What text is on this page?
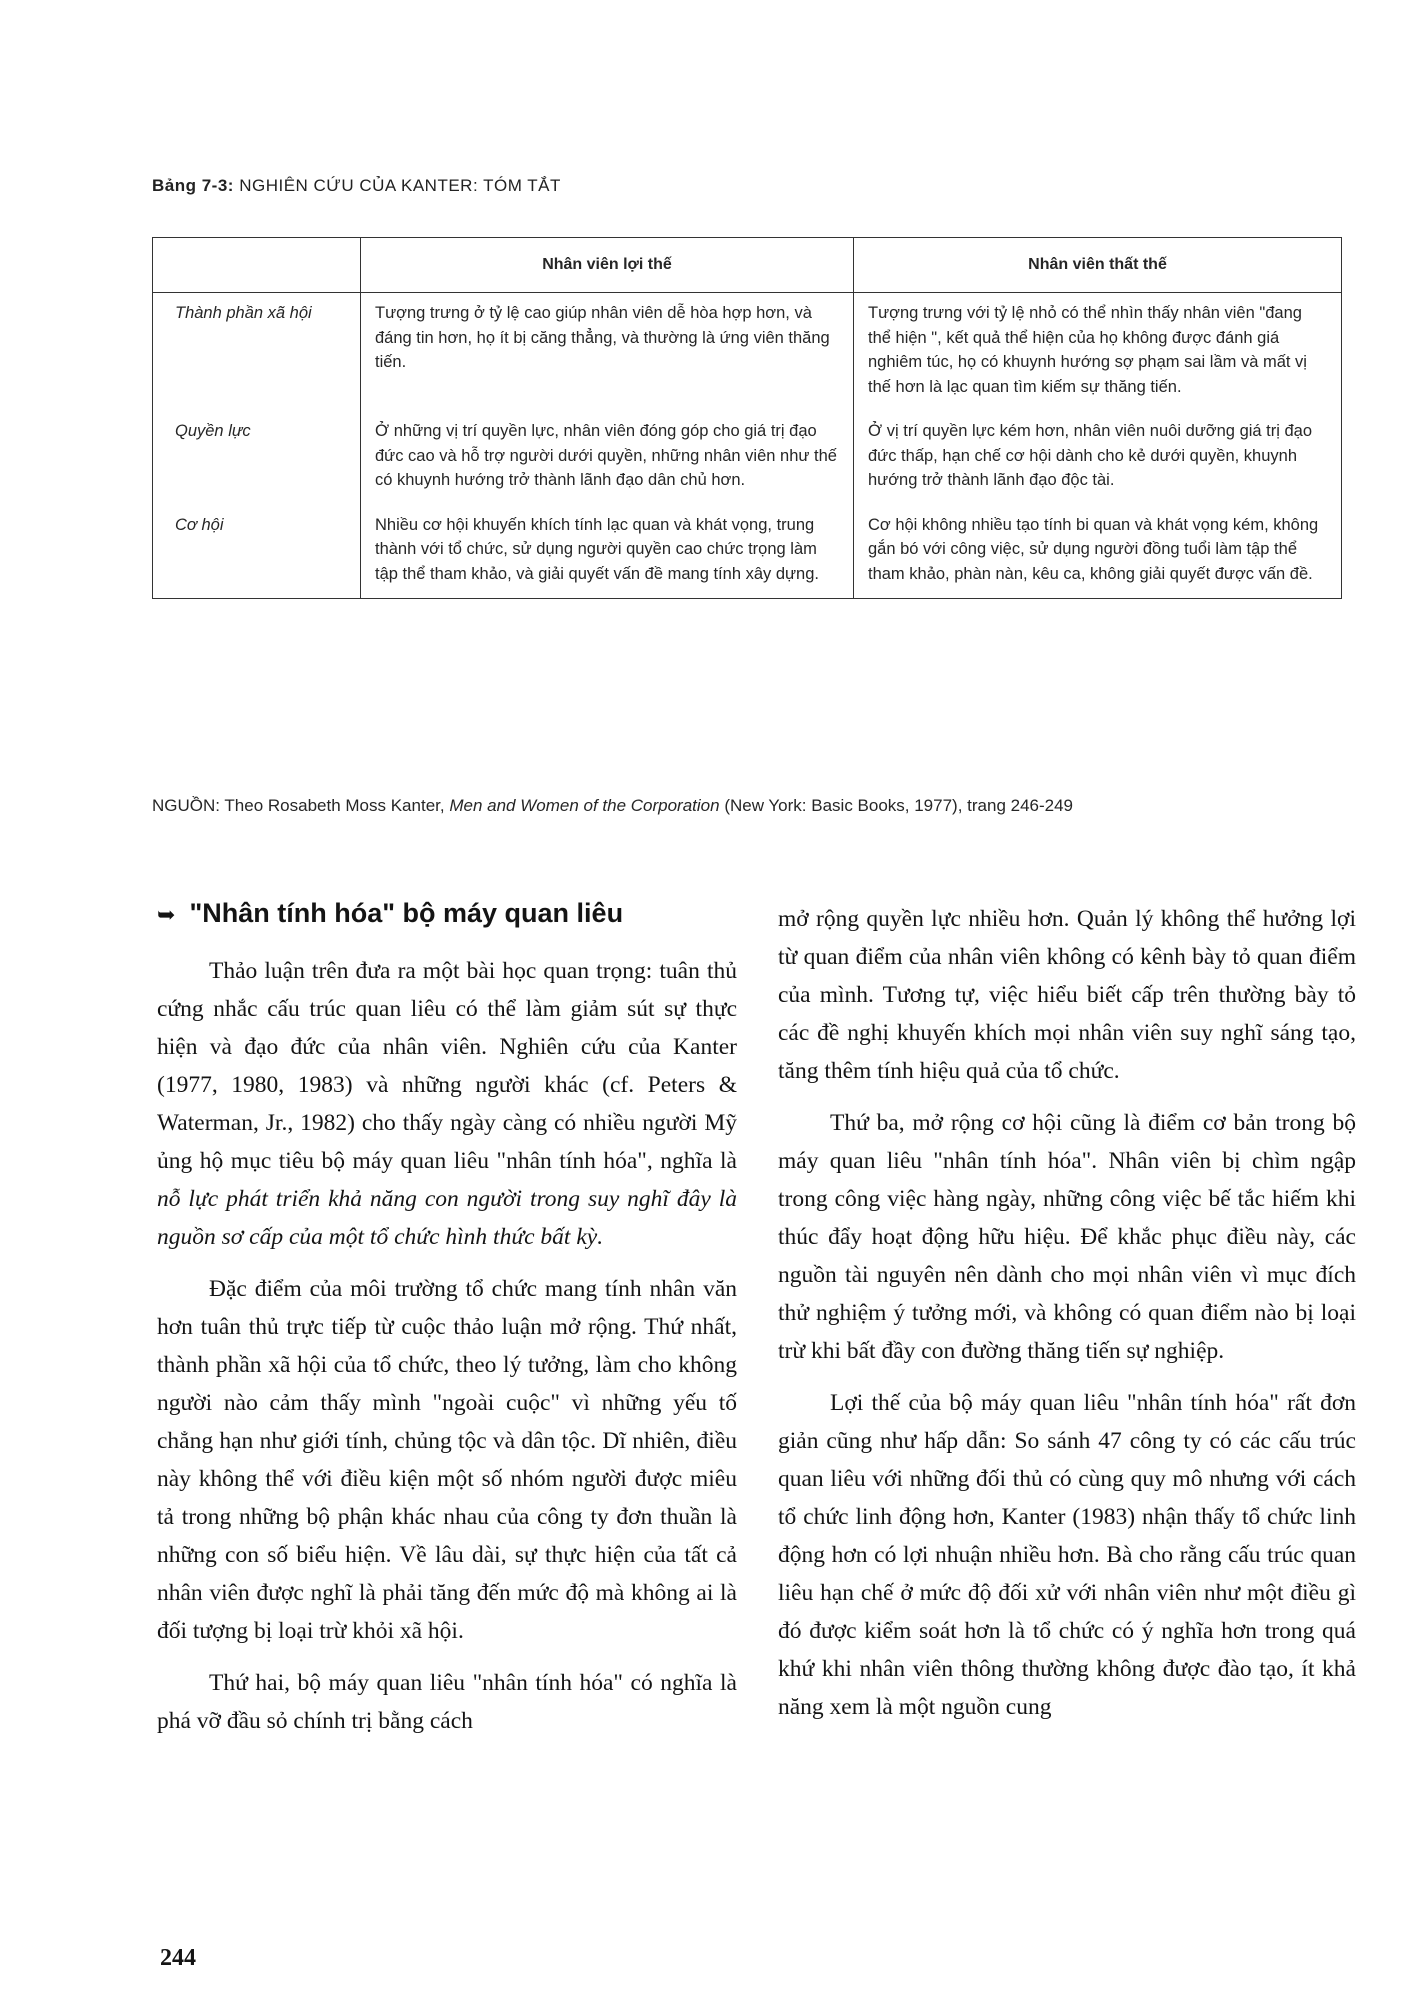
Bảng 7-3: NGHIÊN CỨU CỦA KANTER: TÓM TẮT
	Nhân viên lợi thế	Nhân viên thất thế
Thành phần xã hội	Tượng trưng ở tỷ lệ cao giúp nhân viên dễ hòa hợp hơn, và đáng tin hơn, họ ít bị căng thẳng, và thường là ứng viên thăng tiến.	Tượng trưng với tỷ lệ nhỏ có thể nhìn thấy nhân viên "đang thể hiện ", kết quả thể hiện của họ không được đánh giá nghiêm túc, họ có khuynh hướng sợ phạm sai lầm và mất vị thế hơn là lạc quan tìm kiếm sự thăng tiến.
Quyền lực	Ở những vị trí quyền lực, nhân viên đóng góp cho giá trị đạo đức cao và hỗ trợ người dưới quyền, những nhân viên như thế có khuynh hướng trở thành lãnh đạo dân chủ hơn.	Ở vị trí quyền lực kém hơn, nhân viên nuôi dưỡng giá trị đạo đức thấp, hạn chế cơ hội dành cho kẻ dưới quyền, khuynh hướng trở thành lãnh đạo độc tài.
Cơ hội	Nhiều cơ hội khuyến khích tính lạc quan và khát vọng, trung thành với tổ chức, sử dụng người quyền cao chức trọng làm tập thể tham khảo, và giải quyết vấn đề mang tính xây dựng.	Cơ hội không nhiều tạo tính bi quan và khát vọng kém, không gắn bó với công việc, sử dụng người đồng tuổi làm tập thể tham khảo, phàn nàn, kêu ca, không giải quyết được vấn đề.
NGUỒN: Theo Rosabeth Moss Kanter, Men and Women of the Corporation (New York: Basic Books, 1977), trang 246-249
➥ "Nhân tính hóa" bộ máy quan liêu

Thảo luận trên đưa ra một bài học quan trọng: tuân thủ cứng nhắc cấu trúc quan liêu có thể làm giảm sút sự thực hiện và đạo đức của nhân viên. Nghiên cứu của Kanter (1977, 1980, 1983) và những người khác (cf. Peters & Waterman, Jr., 1982) cho thấy ngày càng có nhiều người Mỹ ủng hộ mục tiêu bộ máy quan liêu "nhân tính hóa", nghĩa là nỗ lực phát triển khả năng con người trong suy nghĩ đây là nguồn sơ cấp của một tổ chức hình thức bất kỳ.

Đặc điểm của môi trường tổ chức mang tính nhân văn hơn tuân thủ trực tiếp từ cuộc thảo luận mở rộng. Thứ nhất, thành phần xã hội của tổ chức, theo lý tưởng, làm cho không người nào cảm thấy mình "ngoài cuộc" vì những yếu tố chẳng hạn như giới tính, chủng tộc và dân tộc. Dĩ nhiên, điều này không thể với điều kiện một số nhóm người được miêu tả trong những bộ phận khác nhau của công ty đơn thuần là những con số biểu hiện. Về lâu dài, sự thực hiện của tất cả nhân viên được nghĩ là phải tăng đến mức độ mà không ai là đối tượng bị loại trừ khỏi xã hội.

Thứ hai, bộ máy quan liêu "nhân tính hóa" có nghĩa là phá vỡ đầu sỏ chính trị bằng cách

mở rộng quyền lực nhiều hơn. Quản lý không thể hưởng lợi từ quan điểm của nhân viên không có kênh bày tỏ quan điểm của mình. Tương tự, việc hiểu biết cấp trên thường bày tỏ các đề nghị khuyến khích mọi nhân viên suy nghĩ sáng tạo, tăng thêm tính hiệu quả của tổ chức.

Thứ ba, mở rộng cơ hội cũng là điểm cơ bản trong bộ máy quan liêu "nhân tính hóa". Nhân viên bị chìm ngập trong công việc hàng ngày, những công việc bế tắc hiếm khi thúc đẩy hoạt động hữu hiệu. Để khắc phục điều này, các nguồn tài nguyên nên dành cho mọi nhân viên vì mục đích thử nghiệm ý tưởng mới, và không có quan điểm nào bị loại trừ khi bất đầy con đường thăng tiến sự nghiệp.

Lợi thế của bộ máy quan liêu "nhân tính hóa" rất đơn giản cũng như hấp dẫn: So sánh 47 công ty có các cấu trúc quan liêu với những đối thủ có cùng quy mô nhưng với cách tổ chức linh động hơn, Kanter (1983) nhận thấy tổ chức linh động hơn có lợi nhuận nhiều hơn. Bà cho rằng cấu trúc quan liêu hạn chế ở mức độ đối xử với nhân viên như một điều gì đó được kiểm soát hơn là tổ chức có ý nghĩa hơn trong quá khứ khi nhân viên thông thường không được đào tạo, ít khả năng xem là một nguồn cung

244
